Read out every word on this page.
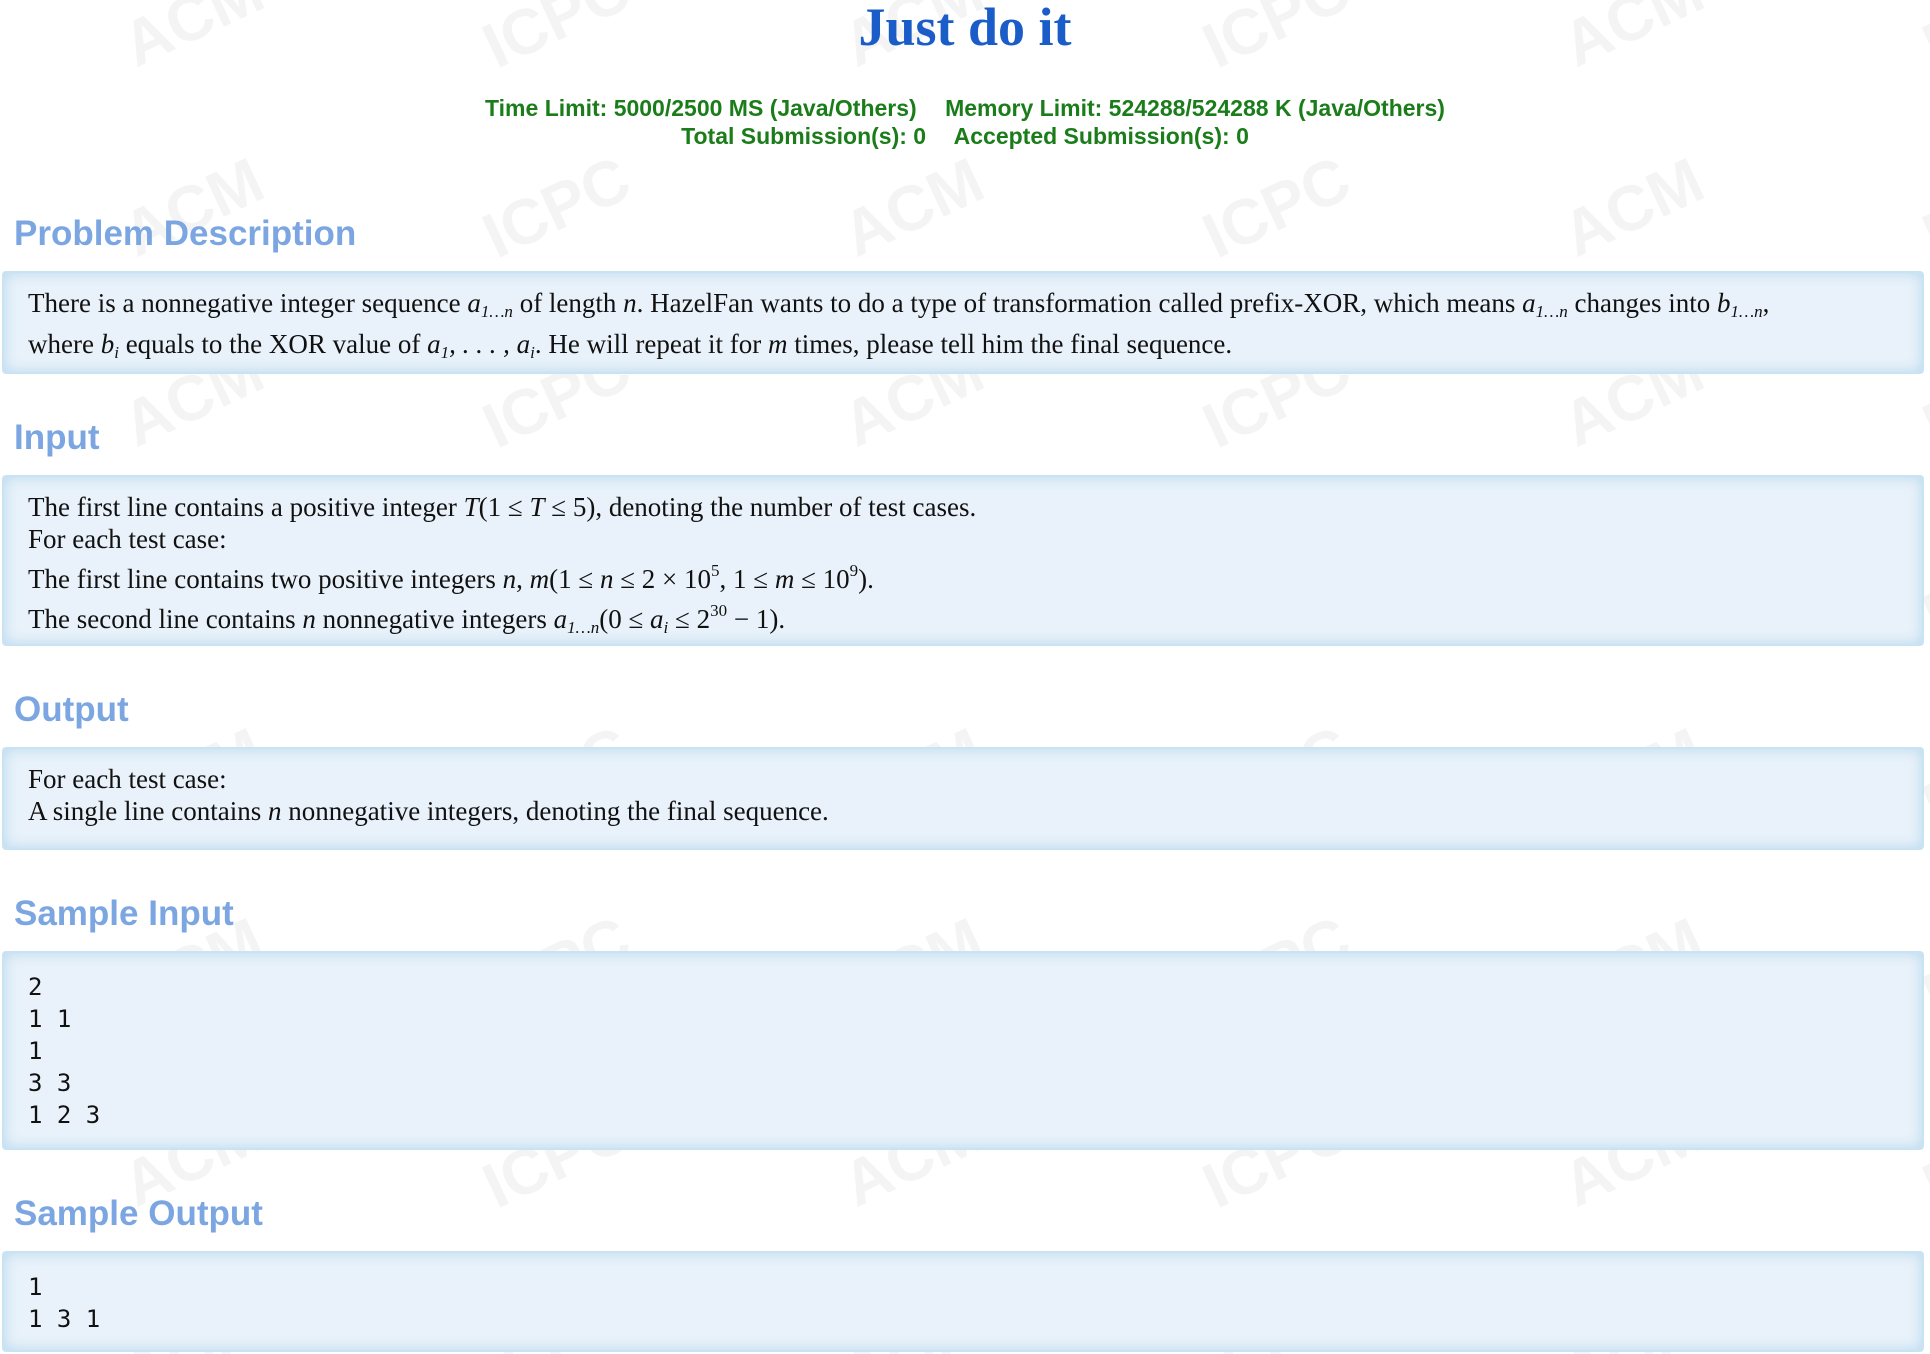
Just do it
Time Limit: 5000/2500 MS (Java/Others) Memory Limit: 524288/524288 K (Java/Others)
Total Submission(s): 0 Accepted Submission(s): 0
Problem Description
There is a nonnegative integer sequence $a_{1\dots n}$ of length n. HazelFan wants to do a type of transformation called prefix-XOR, which means $a_{1\dots n}$ changes into $b_{1\dots n}$,
where $b_i$ equals to the XOR value of $a_1$, . . . , $a_i$. He will repeat it for m times, please tell him the final sequence.
Input
The first line contains a positive integer T(1 ≤ T ≤ 5), denoting the number of test cases.
For each test case:
The first line contains two positive integers n, $m(1 \le n \le 2 \times 10^5$, $1 \le m \le 10^9$).
The second line contains n nonnegative integers $a_{1\dots n}(0 \le a_i \le 2^{30} - 1)$.
Output
For each test case:
A single line contains n nonnegative integers, denoting the final sequence.
Sample Input
2
1 1
1
3 3
1 2 3
Sample Output
1
1 3 1
